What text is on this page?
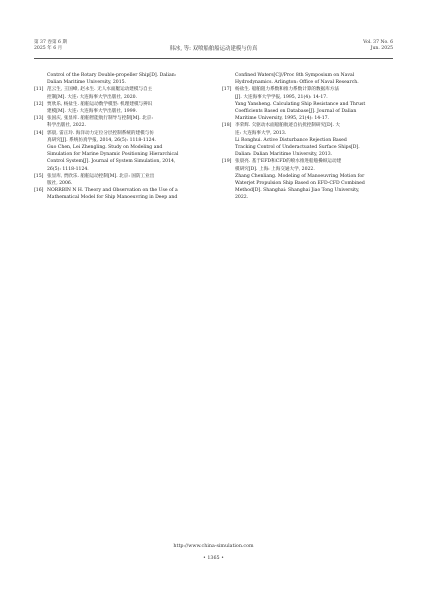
第 37 卷第 6 期
2025 年 6 月	韩冰, 等: 双喷船舶船运动建模与仿真
Vol. 37 No. 6
Jun. 2025
Control of the Rotary Double-propeller Ship[D]. Dalian:
Dalian Maritime University, 2015.
[11] 范云生, 王国峰, 赵永生. 无人水面艇运动建模与自主
控制[M]. 大连: 大连海事大学出版社, 2020.
[12] 贾欣乐, 杨盐生. 船舶运动数学模型: 机理建模与辨识
建模[M]. 大连: 大连海事大学出版社, 1999.
[13] 张国庆, 张显库. 船舶智能航行制导与控制[M]. 北京:
科学出版社, 2022.
[14] 郭晨, 雷正玲. 海洋动力定位分层控制系统的建模与仿
真研究[J]. 系统仿真学报, 2014, 26(5): 1118-1124.
Guo Chen, Lei Zhengling. Study on Modeling and
Simulation for Marine Dynamic Positioning Hierarchical
Control System[J]. Journal of System Simulation, 2014,
26(5): 1118-1124.
[15] 张显库, 贾欣乐. 船舶运动控制[M]. 北京: 国防工业出
版社, 2006.
[16] NORRBIN N H. Theory and Observation on the Use of a
Mathematical Model for Ship Manoeuvring in Deep and
Confined Waters[C]//Proc 8th Symposium on Naval
Hydrodynamics. Arlington: Office of Naval Research.
[17] 杨盐生. 船舶阻力系数和推力系数计算的数据库方法
[J]. 大连海事大学学报, 1995, 21(4): 14-17.
Yang Yansheng. Calculating Ship Resistance and Thrust
Coefficients Based on Database[J]. Journal of Dalian
Maritime University, 1995, 21(4): 14-17.
[18] 李荣辉. 欠驱动水面船舶航迹自抗扰控制研究[D]. 大
连: 大连海事大学, 2013.
Li Ronghui. Active Disturbance Rejection Based
Tracking Control of Underactuated Surface Ships[D].
Dalian: Dalian Maritime University, 2013.
[19] 张晨亮. 基于EFD和CFD的喷水推进船舶操纵运动建
模研究[D]. 上海: 上海交通大学, 2022.
Zhang Chenliang. Modeling of Manoeuvring Motion for
Waterjet Propulsion Ship Based on EFD-CFD Combined
Method[D]. Shanghai: Shanghai Jiao Tong University,
2022.
http://www.china-simulation.com
• 1365 •
